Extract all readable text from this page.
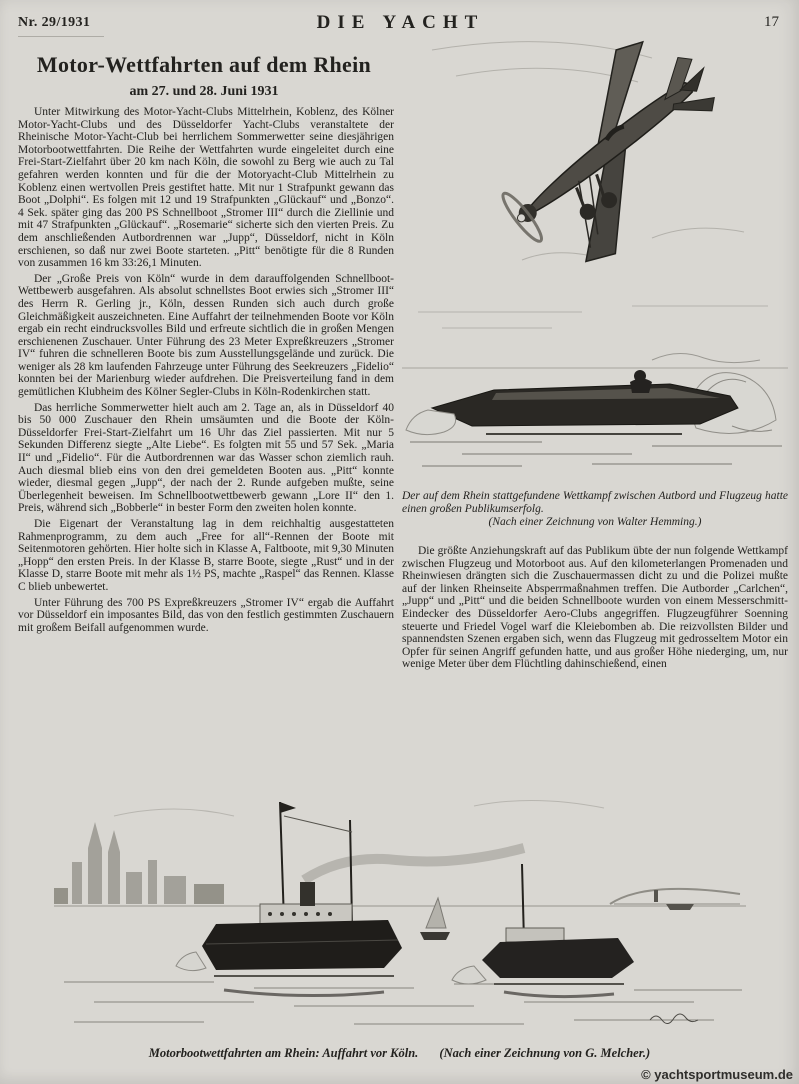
Nr. 29/1931	DIE YACHT	17
Motor-Wettfahrten auf dem Rhein
am 27. und 28. Juni 1931

Unter Mitwirkung des Motor-Yacht-Clubs Mittelrhein, Koblenz, des Kölner Motor-Yacht-Clubs und des Düsseldorfer Yacht-Clubs veranstaltete der Rheinische Motor-Yacht-Club bei herrlichem Sommerwetter seine diesjährigen Motorbootwettfahrten. Die Reihe der Wettfahrten wurde eingeleitet durch eine Frei-Start-Zielfahrt über 20 km nach Köln, die sowohl zu Berg wie auch zu Tal gefahren werden konnten und für die der Motoryacht-Club Mittelrhein zu Koblenz einen wertvollen Preis gestiftet hatte. Mit nur 1 Strafpunkt gewann das Boot „Dolphi“. Es folgen mit 12 und 19 Strafpunkten „Glückauf“ und „Bonzo“. 4 Sek. später ging das 200 PS Schnellboot „Stromer III“ durch die Ziellinie und mit 47 Strafpunkten „Glückauf“. „Rosemarie“ sicherte sich den vierten Preis. Zu dem anschließenden Autbordrennen war „Jupp“, Düsseldorf, nicht in Köln erschienen, so daß nur zwei Boote starteten. „Pitt“ benötigte für die 8 Runden von zusammen 16 km 33:26,1 Minuten.

Der „Große Preis von Köln“ wurde in dem darauffolgenden Schnellboot-Wettbewerb ausgefahren. Als absolut schnellstes Boot erwies sich „Stromer III“ des Herrn R. Gerling jr., Köln, dessen Runden sich auch durch große Gleichmäßigkeit auszeichneten. Eine Auffahrt der teilnehmenden Boote vor Köln ergab ein recht eindrucksvolles Bild und erfreute sichtlich die in großen Mengen erschienenen Zuschauer. Unter Führung des 23 Meter Expreßkreuzers „Stromer IV“ fuhren die schnelleren Boote bis zum Ausstellungsgelände und zurück. Die weniger als 28 km laufenden Fahrzeuge unter Führung des Seekreuzers „Fidelio“ konnten bei der Marienburg wieder aufdrehen. Die Preisverteilung fand in dem gemütlichen Klubheim des Kölner Segler-Clubs in Köln-Rodenkirchen statt.

Das herrliche Sommerwetter hielt auch am 2. Tage an, als in Düsseldorf 40 bis 50 000 Zuschauer den Rhein umsäumten und die Boote der Köln-Düsseldorfer Frei-Start-Zielfahrt um 16 Uhr das Ziel passierten. Mit nur 5 Sekunden Differenz siegte „Alte Liebe“. Es folgten mit 55 und 57 Sek. „Maria II“ und „Fidelio“. Für die Autbordrennen war das Wasser schon ziemlich rauh. Auch diesmal blieb eins von den drei gemeldeten Booten aus. „Pitt“ konnte wieder, diesmal gegen „Jupp“, der nach der 2. Runde aufgeben mußte, seine Überlegenheit beweisen. Im Schnellbootwettbewerb gewann „Lore II“ den 1. Preis, während sich „Bobberle“ in bester Form den zweiten holen konnte.

Die Eigenart der Veranstaltung lag in dem reichhaltig ausgestatteten Rahmenprogramm, zu dem auch „Free for all“-Rennen der Boote mit Seitenmotoren gehörten. Hier holte sich in Klasse A, Faltboote, mit 9,30 Minuten „Hopp“ den ersten Preis. In der Klasse B, starre Boote, siegte „Rust“ und in der Klasse D, starre Boote mit mehr als 1½ PS, machte „Raspel“ das Rennen. Klasse C blieb unbewertet.

Unter Führung des 700 PS Expreßkreuzers „Stromer IV“ ergab die Auffahrt vor Düsseldorf ein imposantes Bild, das von den festlich gestimmten Zuschauern mit großem Beifall aufgenommen wurde.

Der auf dem Rhein stattgefundene Wettkampf zwischen Autbord und Flugzeug hatte einen großen Publikumserfolg.
(Nach einer Zeichnung von Walter Hemming.)

Die größte Anziehungskraft auf das Publikum übte der nun folgende Wettkampf zwischen Flugzeug und Motorboot aus. Auf den kilometerlangen Promenaden und Rheinwiesen drängten sich die Zuschauermassen dicht zu und die Polizei mußte auf der linken Rheinseite Absperrmaßnahmen treffen. Die Autborder „Carlchen“, „Jupp“ und „Pitt“ und die beiden Schnellboote wurden von einem Messerschmitt-Eindecker des Düsseldorfer Aero-Clubs angegriffen. Flugzeugführer Soenning steuerte und Friedel Vogel warf die Kleiebomben ab. Die reizvollsten Bilder und spannendsten Szenen ergaben sich, wenn das Flugzeug mit gedrosseltem Motor ein Opfer für seinen Angriff gefunden hatte, und aus großer Höhe niederging, um, nur wenige Meter über dem Flüchtling dahinschießend, einen

Motorbootwettfahrten am Rhein: Auffahrt vor Köln. (Nach einer Zeichnung von G. Melcher.)
© yachtsportmuseum.de
